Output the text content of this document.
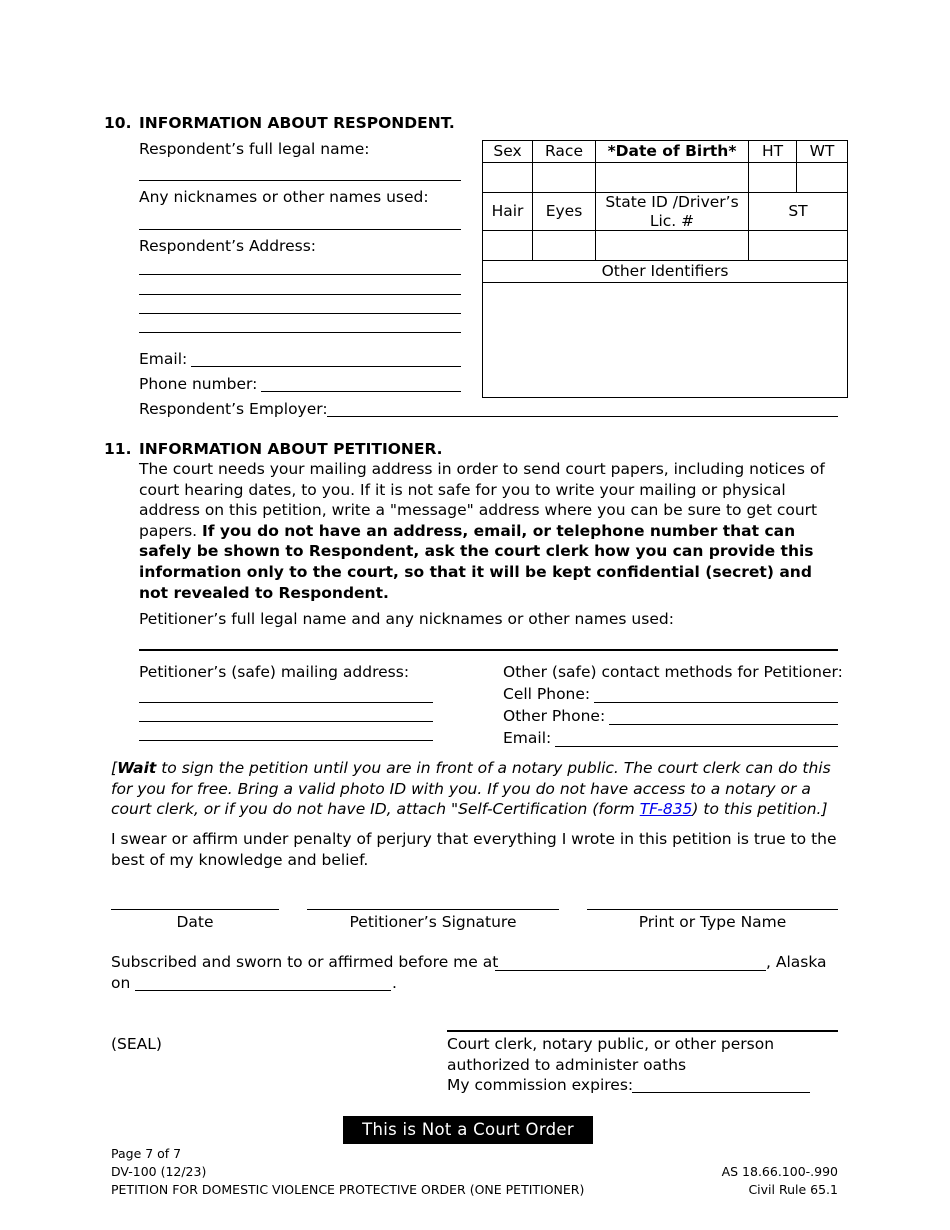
10. INFORMATION ABOUT RESPONDENT.
Respondent’s full legal name:
Any nicknames or other names used:
Respondent’s Address:
Email:
Phone number:
Respondent’s Employer:
Sex	Race	*Date of Birth*	HT	WT

Hair	Eyes	State ID /Driver’s Lic. #	ST	

Other Identifiers				

11. INFORMATION ABOUT PETITIONER.
The court needs your mailing address in order to send court papers, including notices of court hearing dates, to you. If it is not safe for you to write your mailing or physical address on this petition, write a "message" address where you can be sure to get court papers. If you do not have an address, email, or telephone number that can safely be shown to Respondent, ask the court clerk how you can provide this information only to the court, so that it will be kept confidential (secret) and not revealed to Respondent.
Petitioner’s full legal name and any nicknames or other names used:
Petitioner’s (safe) mailing address:	Other (safe) contact methods for Petitioner:
Cell Phone:
Other Phone:
Email:
[Wait to sign the petition until you are in front of a notary public. The court clerk can do this for you for free. Bring a valid photo ID with you. If you do not have access to a notary or a court clerk, or if you do not have ID, attach "Self-Certification (form TF-835) to this petition.]
I swear or affirm under penalty of perjury that everything I wrote in this petition is true to the best of my knowledge and belief.
Date	Petitioner’s Signature	Print or Type Name
Subscribed and sworn to or affirmed before me at	, Alaska
on	.
(SEAL)	Court clerk, notary public, or other person
authorized to administer oaths
My commission expires:
This is Not a Court Order
Page 7 of 7
DV-100 (12/23)
PETITION FOR DOMESTIC VIOLENCE PROTECTIVE ORDER (ONE PETITIONER)
AS 18.66.100-.990
Civil Rule 65.1
